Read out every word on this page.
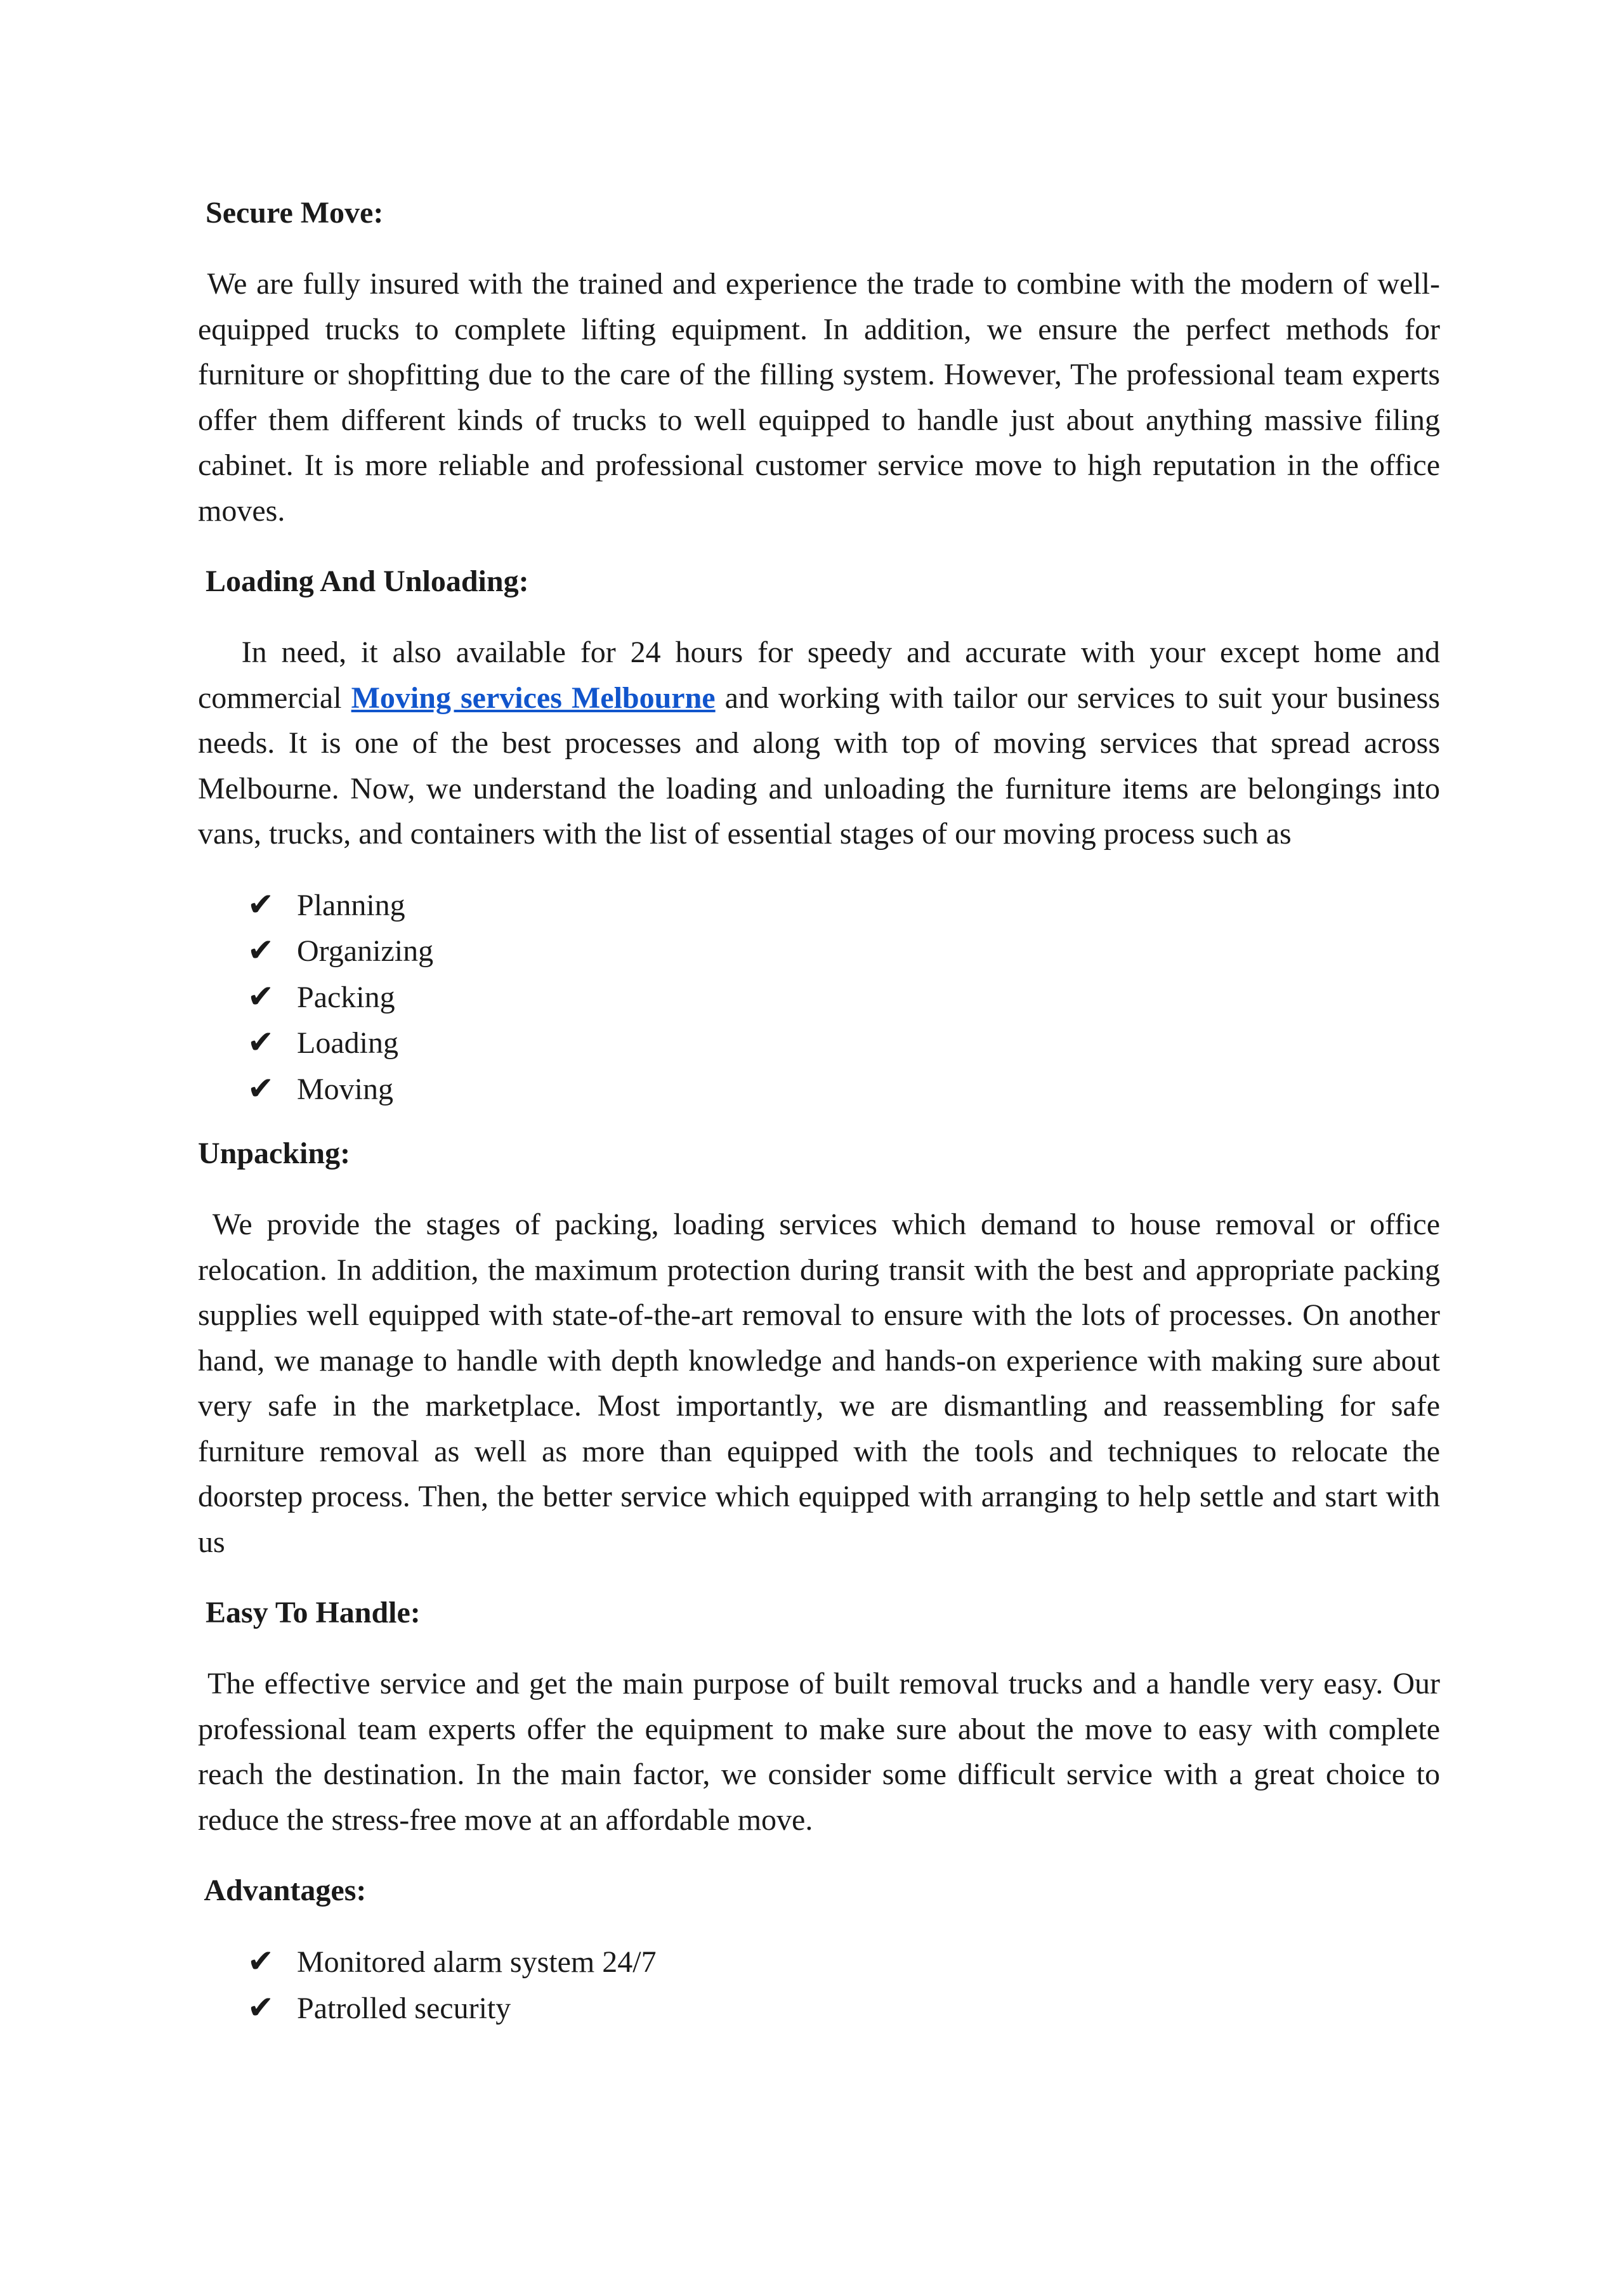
Secure Move:

We are fully insured with the trained and experience the trade to combine with the modern of well-equipped trucks to complete lifting equipment. In addition, we ensure the perfect methods for furniture or shopfitting due to the care of the filling system. However, The professional team experts offer them different kinds of trucks to well equipped to handle just about anything massive filing cabinet. It is more reliable and professional customer service move to high reputation in the office moves.

Loading And Unloading:

In need, it also available for 24 hours for speedy and accurate with your except home and commercial Moving services Melbourne and working with tailor our services to suit your business needs. It is one of the best processes and along with top of moving services that spread across Melbourne. Now, we understand the loading and unloading the furniture items are belongings into vans, trucks, and containers with the list of essential stages of our moving process such as

✔ Planning
✔ Organizing
✔ Packing
✔ Loading
✔ Moving
Unpacking:

We provide the stages of packing, loading services which demand to house removal or office relocation. In addition, the maximum protection during transit with the best and appropriate packing supplies well equipped with state-of-the-art removal to ensure with the lots of processes. On another hand, we manage to handle with depth knowledge and hands-on experience with making sure about very safe in the marketplace. Most importantly, we are dismantling and reassembling for safe furniture removal as well as more than equipped with the tools and techniques to relocate the doorstep process. Then, the better service which equipped with arranging to help settle and start with us

Easy To Handle:

The effective service and get the main purpose of built removal trucks and a handle very easy. Our professional team experts offer the equipment to make sure about the move to easy with complete reach the destination. In the main factor, we consider some difficult service with a great choice to reduce the stress-free move at an affordable move.

Advantages:
✔ Monitored alarm system 24/7
✔ Patrolled security
